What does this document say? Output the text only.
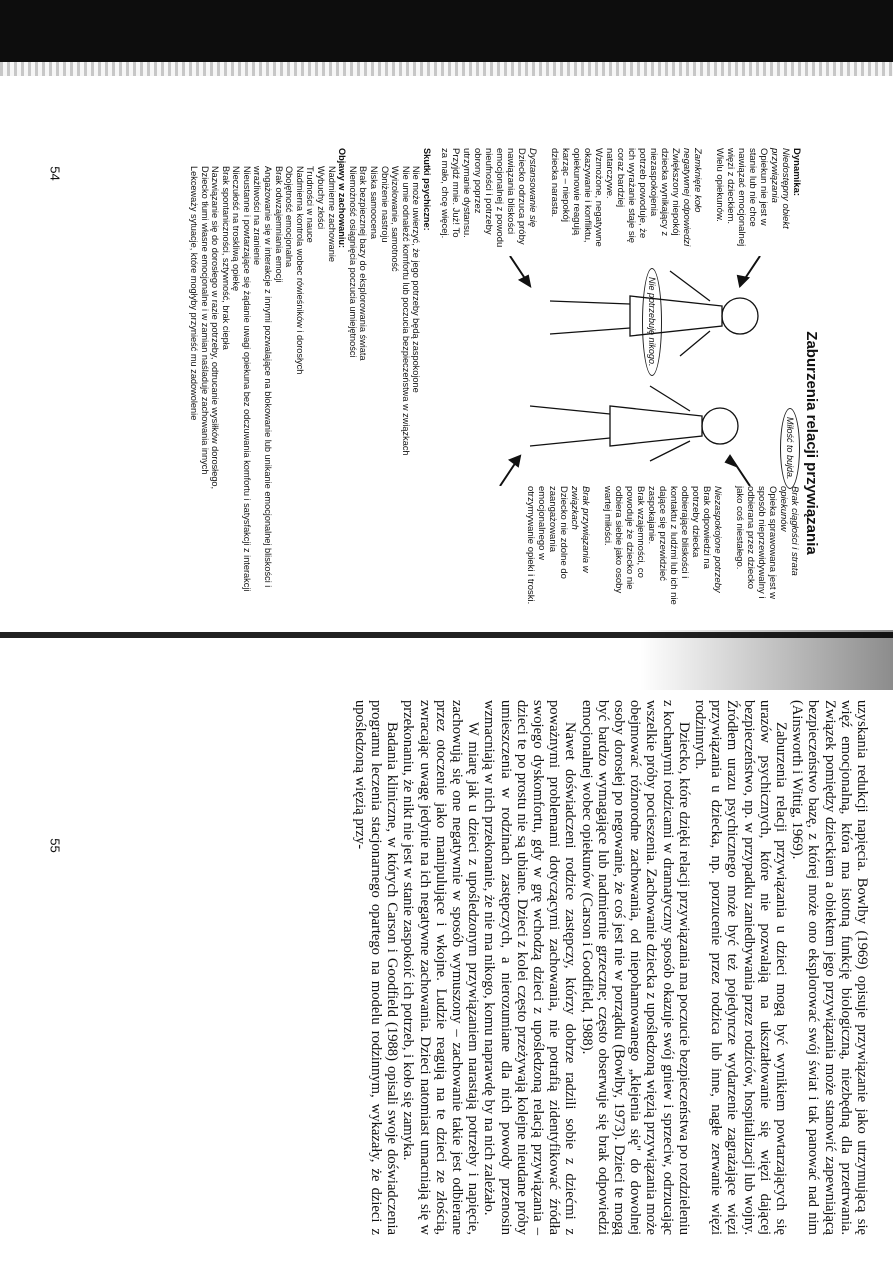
54
55
Zaburzenia relacji przywiązania
Dynamika:
Niedostępny obiekt przywiązania
Opiekun nie jest w stanie lub nie chce nawiązać emocjonalnej więzi z dzieckiem. Wielu opiekunów.

Zamknięte koło negatywnej odpowiedzi
Zwiększony niepokój dziecka wynikający z niezaspokojenia potrzeb powoduje, że ich wyrażanie staje się coraz bardziej natarczywe. Wzmożone, negatywne okazywanie i konfliktu, opiekunowie reagują karząc – niepokój dziecka narasta.

Dystansowanie się
Dziecko odrzuca próby nawiązania bliskości emocjonalnej z powodu nieufności i potrzeby obrony poprzez utrzymanie dystansu. Przyjdź mnie. Już! To za mało, chcę więcej.
Brak ciągłości i strata opiekunów
Opieka sprawowana jest w sposób nieprzewidywalny i odbierana przez dziecko jako coś niestałego.

Niezaspokojone potrzeby
Brak odpowiedzi na potrzeby dziecka odbierające bliskości i kontaktu z ludźmi lub ich nie dające się przewidzieć zaspokajanie.
Brak wzajemności, co powoduje że dziecko nie odbiera siebie jako osoby wartej miłości.

Brak przywiązania w związkach
Dziecko nie zdolne do zaangażowania emocjonalnego w otrzymywanie opieki i troski.
Nie potrzebuję nikogo.
Miłość to bujda.
Skutki psychiczne:
Nie może uwierzyć, że jego potrzeby będą zaspokojone
Nie umie odnaleźć komfortu lub poczucia bezpieczeństwa w związkach
Wyizolowanie, samotność
Obniżenie nastroju
Niska samoocena
Brak bezpiecznej bazy do eksplorowania świata
Niemożność osiągnięcia poczucia umiejętności
Objawy w zachowaniu:
Nadmierne zachowanie
Wybuchy złości
Trudności w nauce
Nadmierna kontrola wobec rówieśników i dorosłych
Obojętność emocjonalna
Brak odwzajemniania emocji
Angażowanie się w interakcje z innymi pozwalające na blokowanie lub unikanie emocjonalnej bliskości i wrażliwości na zranienie
Nieustanne i powtarzające się żądanie uwagi opiekuna bez odczuwania komfortu i satysfakcji z interakcji
Nieczułość na troskliwą opiekę
Brak spontaniczności, sztywność, brak ciepła
Nazwiązanie się do dorosłego w razie potrzeby, odtrucanie wysiłków dorosłego,
Dziecko tłumi własne emocjonalne i w zamian naśladuje zachowania innych
Lekceważy sytuacje, które mogłyby przynieść mu zadowolenie

uzyskania redukcji napięcia. Bowlby (1969) opisuje przywiązanie jako utrzymującą się więź emocjonalną, która ma istotną funkcję biologiczną, niezbędną dla przetrwania. Związek pomiędzy dzieckiem a obiektem jego przywiązania może stanowić zapewniającą bezpieczeństwo bazę, z której może ono eksplorować swój świat i tak panować nad nim (Ainsworth i Wittig, 1969).

Zaburzenia relacji przywiązania u dzieci mogą być wynikiem powtarzających się urazów psychicznych, które nie pozwalają na ukształtowanie się więzi dającej bezpieczeństwo, np. w przypadku zaniedbywania przez rodziców, hospitalizacji lub wojny. Źródłem urazu psychicznego może być też pojedyncze wydarzenie zagrażające więzi przywiązania u dziecka, np. porzucenie przez rodzica lub inne, nagłe zerwanie więzi rodzinnych.

Dziecko, które dzięki relacji przywiązania ma poczucie bezpieczeństwa po rozdzieleniu z kochanymi rodzicami w dramatyczny sposób okazuje swój gniew i sprzeciw, odrzucając wszelkie próby pocieszenia. Zachowanie dziecka z upośledzoną więzią przywiązania może obejmować różnorodne zachowania, od niepohamowanego „klejenia się" do dowolnej osoby dorosłej po negowanie, że coś jest nie w porządku (Bowlby, 1973). Dzieci te mogą być bardzo wymagające lub nadmiernie grzeczne; często obserwuje się brak odpowiedzi emocjonalnej wobec opiekunów (Carson i Goodfield, 1988).

Nawet doświadczeni rodzice zastępczy, którzy dobrze radzili sobie z dziećmi z poważnymi problemami dotyczącymi zachowania, nie potrafią zidentyfikować źródła swojego dyskomfortu, gdy w grę wchodzą dzieci z upośledzoną relacją przywiązania – dzieci te po prostu nie są ubiane. Dzieci z kolei często przeżywają kolejne nieudane próby umieszczenia w rodzinach zastępczych, a nierozumiane dla nich powody przenosin wzmacniają w nich przekonanie, że nie ma nikogo, komu naprawdę by na nich zależało.

W miarę jak u dzieci z upośledzonym przywiązaniem narastają potrzeby i napięcie, zachowują się one negatywnie w sposób wymuszony – zachowanie takie jest odbierane przez otoczenie jako manipulujące i wkojne. Ludzie reagują na te dzieci ze złością, zwracając uwagę jedynie na ich negatywne zachowania. Dzieci natomiast umacniają się w przekonaniu, że nikt nie jest w stanie zaspokoić ich potrzeb, i koło się zamyka.

Badania kliniczne, w których Carson i Goodfield (1988) opisali swoje doświadczenia programu leczenia stacjonarnego opartego na modelu rodzinnym, wykazały, że dzieci z upośledzoną więzią przy-
